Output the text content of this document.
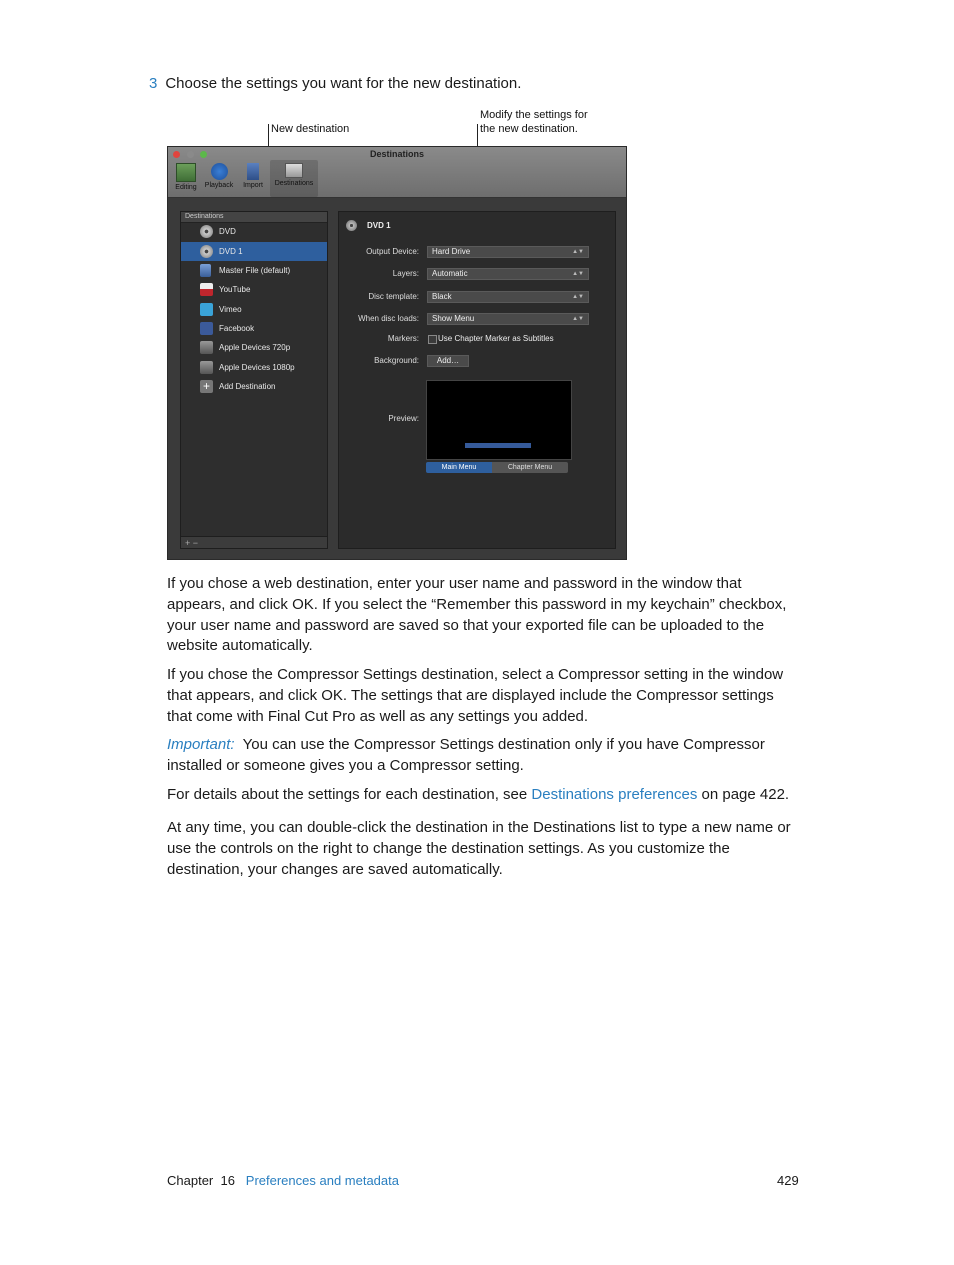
3 Choose the settings you want for the new destination.
New destination
Modify the settings for
the new destination.
Destinations
Editing	Playback	Import	Destinations
Destinations
DVD
DVD 1
Master File (default)
YouTube
Vimeo
Facebook
Apple Devices 720p
Apple Devices 1080p
+	Add Destination
+ −
DVD 1
Output Device:	Hard Drive	▲▼
Layers:	Automatic	▲▼
Disc template:	Black	▲▼
When disc loads:	Show Menu	▲▼
Markers: Use Chapter Marker as Subtitles
Background:	Add…
Preview:
Main Menu	Chapter Menu
If you chose a web destination, enter your user name and password in the window that appears, and click OK. If you select the “Remember this password in my keychain” checkbox, your user name and password are saved so that your exported file can be uploaded to the website automatically.
If you chose the Compressor Settings destination, select a Compressor setting in the window that appears, and click OK. The settings that are displayed include the Compressor settings that come with Final Cut Pro as well as any settings you added.
Important: You can use the Compressor Settings destination only if you have Compressor installed or someone gives you a Compressor setting.
For details about the settings for each destination, see Destinations preferences on page 422.
At any time, you can double-click the destination in the Destinations list to type a new name or use the controls on the right to change the destination settings. As you customize the destination, your changes are saved automatically.
Chapter  16 Preferences and metadata	429
